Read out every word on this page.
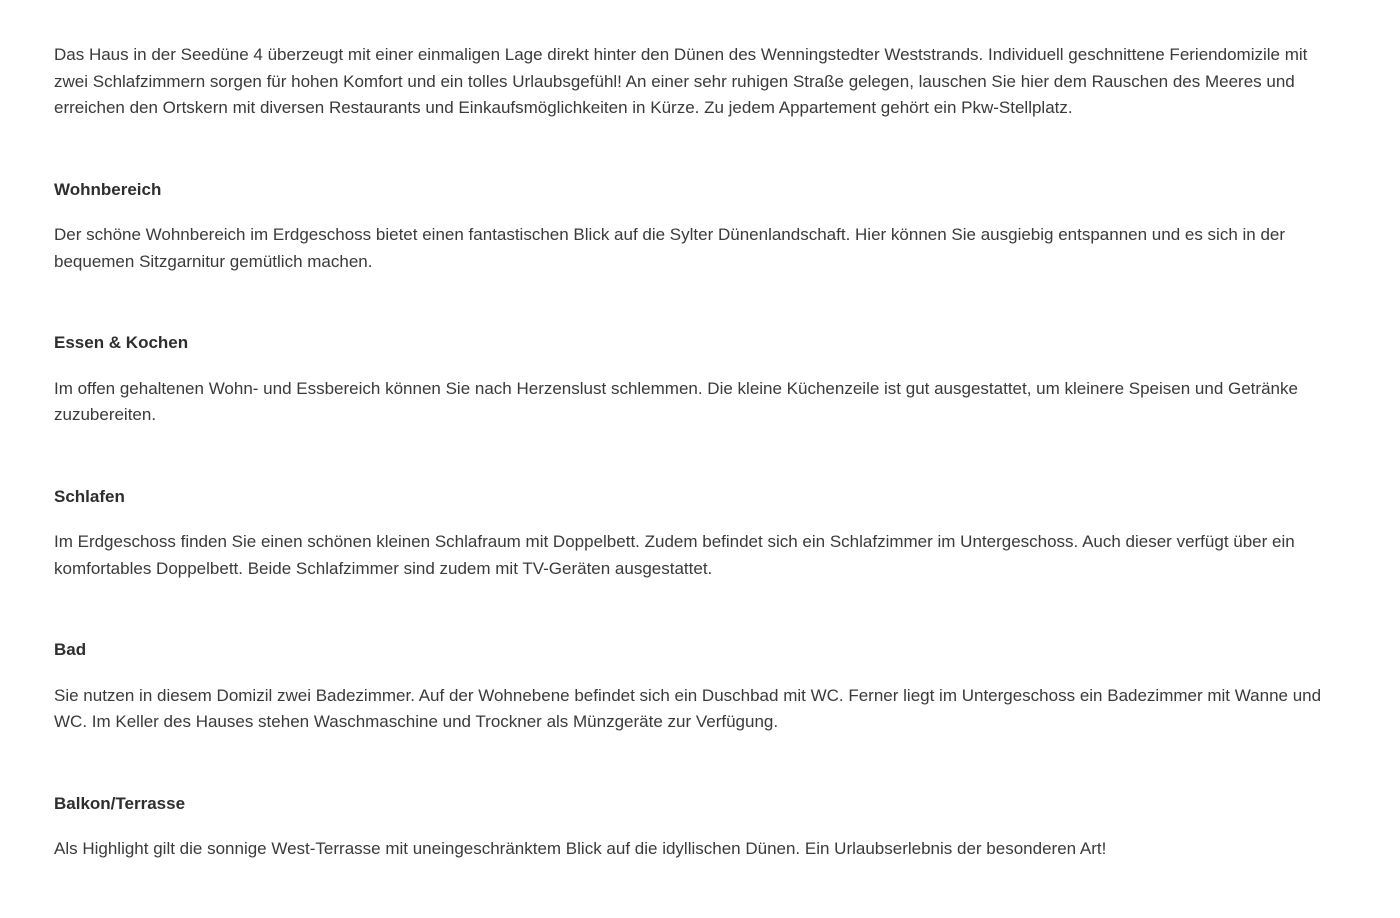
Das Haus in der Seedüne 4 überzeugt mit einer einmaligen Lage direkt hinter den Dünen des Wenningstedter Weststrands. Individuell geschnittene Feriendomizile mit zwei Schlafzimmern sorgen für hohen Komfort und ein tolles Urlaubsgefühl! An einer sehr ruhigen Straße gelegen, lauschen Sie hier dem Rauschen des Meeres und erreichen den Ortskern mit diversen Restaurants und Einkaufsmöglichkeiten in Kürze. Zu jedem Appartement gehört ein Pkw-Stellplatz.

Wohnbereich

Der schöne Wohnbereich im Erdgeschoss bietet einen fantastischen Blick auf die Sylter Dünenlandschaft. Hier können Sie ausgiebig entspannen und es sich in der bequemen Sitzgarnitur gemütlich machen.

Essen & Kochen

Im offen gehaltenen Wohn- und Essbereich können Sie nach Herzenslust schlemmen. Die kleine Küchenzeile ist gut ausgestattet, um kleinere Speisen und Getränke zuzubereiten.

Schlafen

Im Erdgeschoss finden Sie einen schönen kleinen Schlafraum mit Doppelbett. Zudem befindet sich ein Schlafzimmer im Untergeschoss. Auch dieser verfügt über ein komfortables Doppelbett. Beide Schlafzimmer sind zudem mit TV-Geräten ausgestattet.

Bad

Sie nutzen in diesem Domizil zwei Badezimmer. Auf der Wohnebene befindet sich ein Duschbad mit WC. Ferner liegt im Untergeschoss ein Badezimmer mit Wanne und WC. Im Keller des Hauses stehen Waschmaschine und Trockner als Münzgeräte zur Verfügung.

Balkon/Terrasse

Als Highlight gilt die sonnige West-Terrasse mit uneingeschränktem Blick auf die idyllischen Dünen. Ein Urlaubserlebnis der besonderen Art!
